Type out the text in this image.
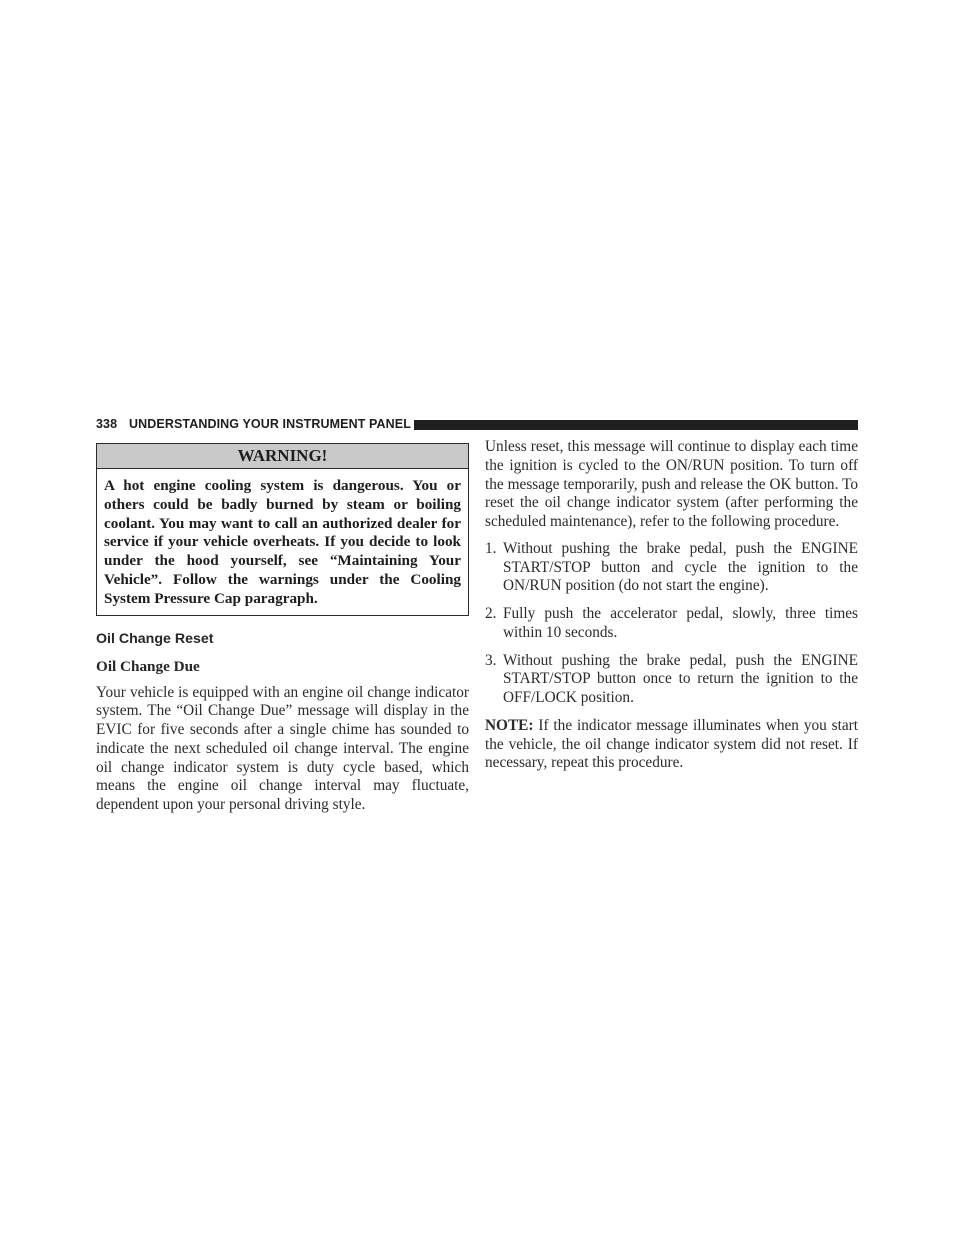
338 UNDERSTANDING YOUR INSTRUMENT PANEL
WARNING!
A hot engine cooling system is dangerous. You or others could be badly burned by steam or boiling coolant. You may want to call an authorized dealer for service if your vehicle overheats. If you decide to look under the hood yourself, see “Maintaining Your Vehicle”. Follow the warnings under the Cooling System Pressure Cap paragraph.
Oil Change Reset
Oil Change Due

Your vehicle is equipped with an engine oil change indicator system. The “Oil Change Due” message will display in the EVIC for five seconds after a single chime has sounded to indicate the next scheduled oil change interval. The engine oil change indicator system is duty cycle based, which means the engine oil change interval may fluctuate, dependent upon your personal driving style.

Unless reset, this message will continue to display each time the ignition is cycled to the ON/RUN position. To turn off the message temporarily, push and release the OK button. To reset the oil change indicator system (after performing the scheduled maintenance), refer to the following procedure.

1. Without pushing the brake pedal, push the ENGINE START/STOP button and cycle the ignition to the ON/RUN position (do not start the engine).
2. Fully push the accelerator pedal, slowly, three times within 10 seconds.
3. Without pushing the brake pedal, push the ENGINE START/STOP button once to return the ignition to the OFF/LOCK position.

NOTE: If the indicator message illuminates when you start the vehicle, the oil change indicator system did not reset. If necessary, repeat this procedure.
